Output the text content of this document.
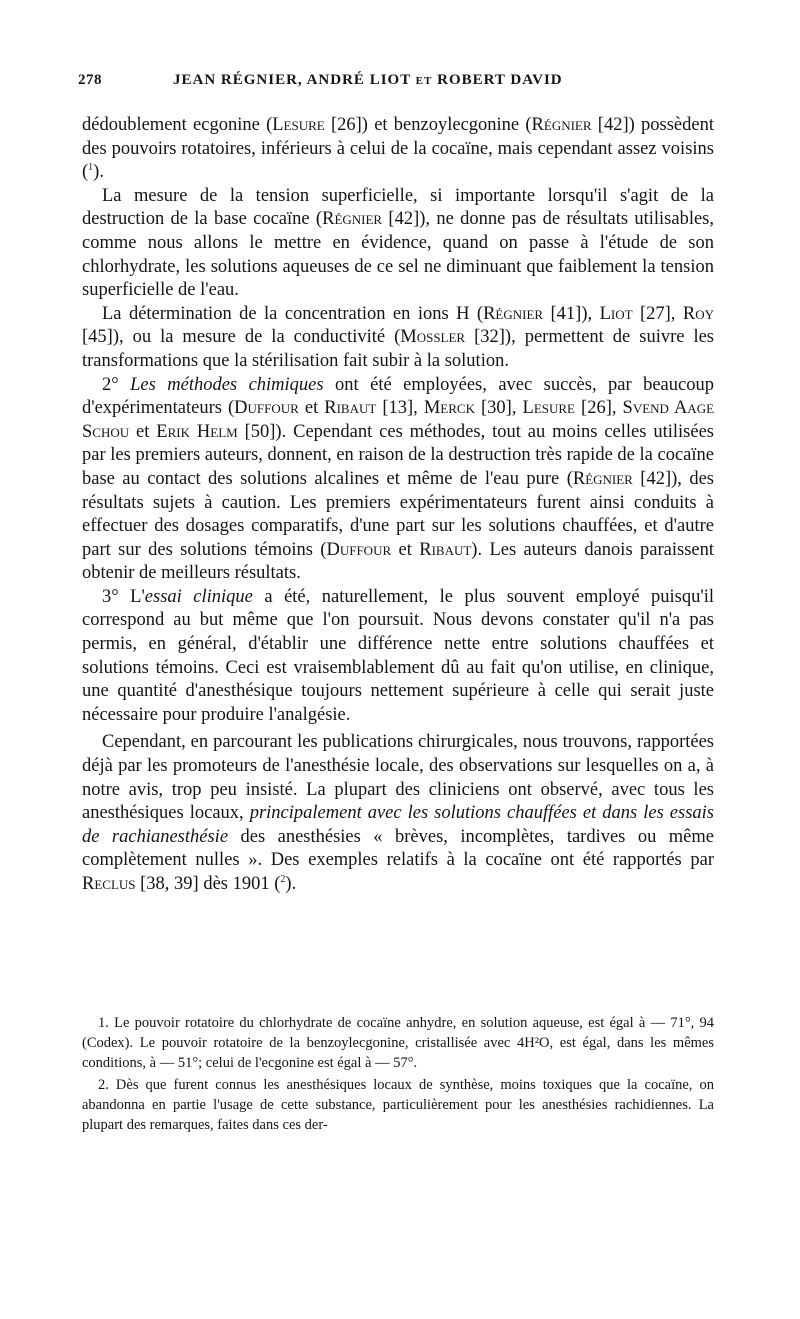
278	JEAN RÉGNIER, ANDRÉ LIOT et ROBERT DAVID

dédoublement ecgonine (Lesure [26]) et benzoylecgonine (Régnier [42]) possèdent des pouvoirs rotatoires, inférieurs à celui de la cocaïne, mais cependant assez voisins ($^1$).

La mesure de la tension superficielle, si importante lorsqu'il s'agit de la destruction de la base cocaïne (Régnier [42]), ne donne pas de résultats utilisables, comme nous allons le mettre en évidence, quand on passe à l'étude de son chlorhydrate, les solutions aqueuses de ce sel ne diminuant que faiblement la tension superficielle de l'eau.

La détermination de la concentration en ions H (Régnier [41]), Liot [27], Roy [45]), ou la mesure de la conductivité (Mossler [32]), permettent de suivre les transformations que la stérilisation fait subir à la solution.

2° Les méthodes chimiques ont été employées, avec succès, par beaucoup d'expérimentateurs (Duffour et Ribaut [13], Merck [30], Lesure [26], Svend Aage Schou et Erik Helm [50]). Cependant ces méthodes, tout au moins celles utilisées par les premiers auteurs, donnent, en raison de la destruction très rapide de la cocaïne base au contact des solutions alcalines et même de l'eau pure (Régnier [42]), des résultats sujets à caution. Les premiers expérimentateurs furent ainsi conduits à effectuer des dosages comparatifs, d'une part sur les solutions chauffées, et d'autre part sur des solutions témoins (Duffour et Ribaut). Les auteurs danois paraissent obtenir de meilleurs résultats.

3° L'essai clinique a été, naturellement, le plus souvent employé puisqu'il correspond au but même que l'on poursuit. Nous devons constater qu'il n'a pas permis, en général, d'établir une différence nette entre solutions chauffées et solutions témoins. Ceci est vraisemblablement dû au fait qu'on utilise, en clinique, une quantité d'anesthésique toujours nettement supérieure à celle qui serait juste nécessaire pour produire l'analgésie.

Cependant, en parcourant les publications chirurgicales, nous trouvons, rapportées déjà par les promoteurs de l'anesthésie locale, des observations sur lesquelles on a, à notre avis, trop peu insisté. La plupart des cliniciens ont observé, avec tous les anesthésiques locaux, principalement avec les solutions chauffées et dans les essais de rachianesthésie des anesthésies « brèves, incomplètes, tardives ou même complètement nulles ». Des exemples relatifs à la cocaïne ont été rapportés par Reclus [38, 39] dès 1901 ($^2$).

1. Le pouvoir rotatoire du chlorhydrate de cocaïne anhydre, en solution aqueuse, est égal à — 71°, 94 (Codex). Le pouvoir rotatoire de la benzoylecgonine, cristallisée avec 4H²O, est égal, dans les mêmes conditions, à — 51°; celui de l'ecgonine est égal à — 57°.

2. Dès que furent connus les anesthésiques locaux de synthèse, moins toxiques que la cocaïne, on abandonna en partie l'usage de cette substance, particulièrement pour les anesthésies rachidiennes. La plupart des remarques, faites dans ces der-
